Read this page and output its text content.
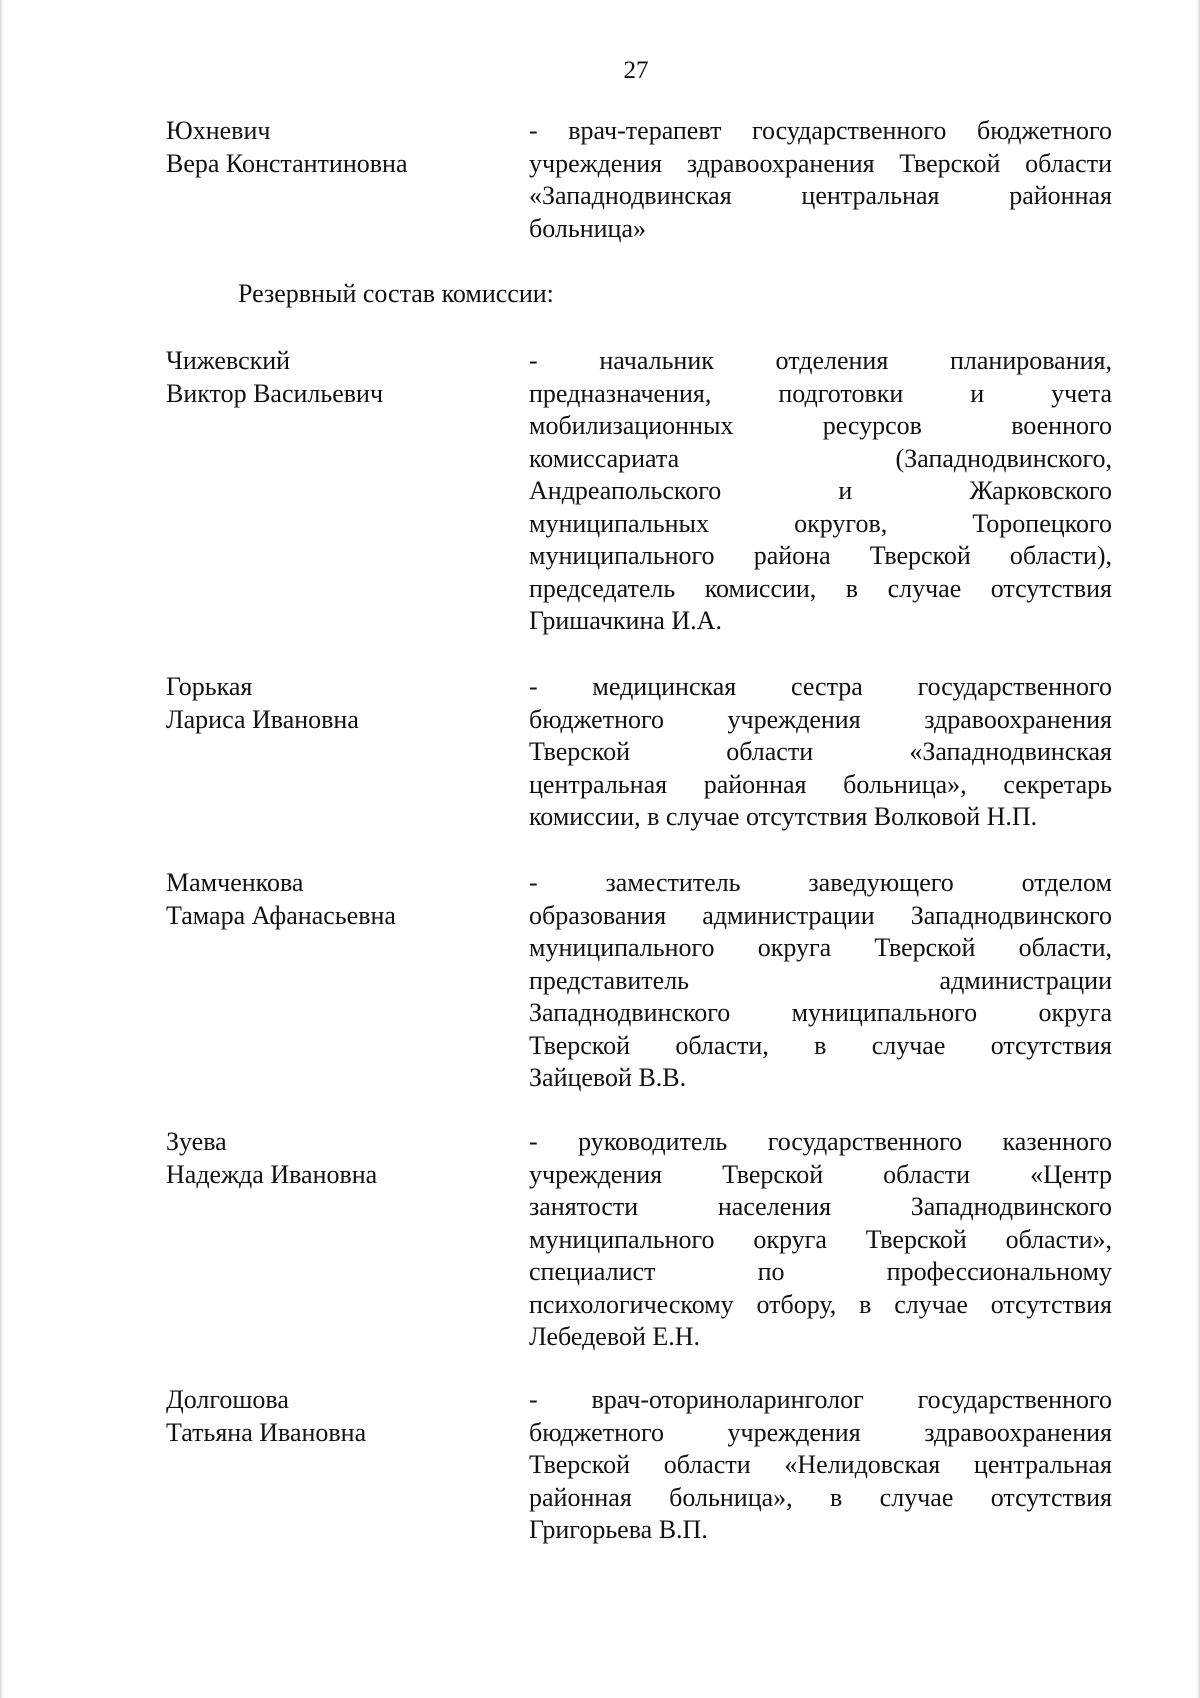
27
Юхневич
Вера Константиновна
- врач-терапевт государственного бюджетного
учреждения здравоохранения Тверской области
«Западнодвинская центральная районная
больница»
Резервный состав комиссии:
Чижевский
Виктор Васильевич
- начальник отделения планирования,
предназначения, подготовки и учета
мобилизационных ресурсов военного
комиссариата (Западнодвинского,
Андреапольского и Жарковского
муниципальных округов, Торопецкого
муниципального района Тверской области),
председатель комиссии, в случае отсутствия
Гришачкина И.А.
Горькая
Лариса Ивановна
- медицинская сестра государственного
бюджетного учреждения здравоохранения
Тверской области «Западнодвинская
центральная районная больница», секретарь
комиссии, в случае отсутствия Волковой Н.П.
Мамченкова
Тамара Афанасьевна
- заместитель заведующего отделом
образования администрации Западнодвинского
муниципального округа Тверской области,
представитель администрации
Западнодвинского муниципального округа
Тверской области, в случае отсутствия
Зайцевой В.В.
Зуева
Надежда Ивановна
- руководитель государственного казенного
учреждения Тверской области «Центр
занятости населения Западнодвинского
муниципального округа Тверской области»,
специалист по профессиональному
психологическому отбору, в случае отсутствия
Лебедевой Е.Н.
Долгошова
Татьяна Ивановна
- врач-оториноларинголог государственного
бюджетного учреждения здравоохранения
Тверской области «Нелидовская центральная
районная больница», в случае отсутствия
Григорьева В.П.
